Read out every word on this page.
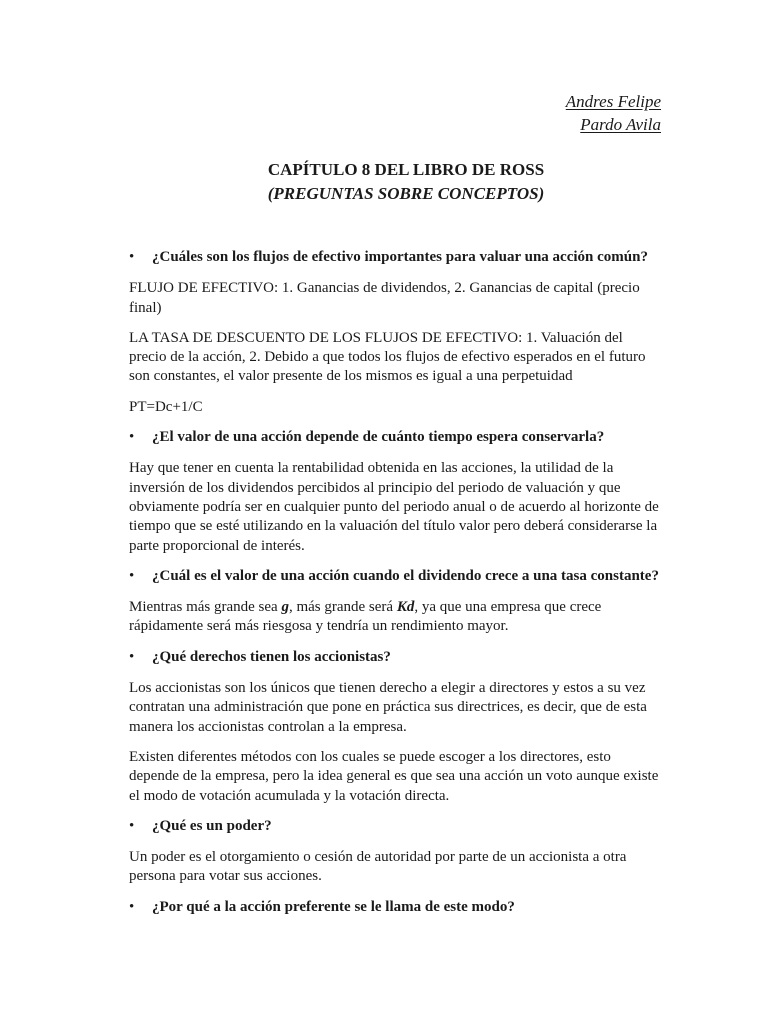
Andres Felipe
Pardo Avila
CAPÍTULO 8 DEL LIBRO DE ROSS
(PREGUNTAS SOBRE CONCEPTOS)
• ¿Cuáles son los flujos de efectivo importantes para valuar una acción común?
FLUJO DE EFECTIVO: 1. Ganancias de dividendos, 2. Ganancias de capital (precio final)
LA TASA DE DESCUENTO DE LOS FLUJOS DE EFECTIVO: 1. Valuación del precio de la acción, 2. Debido a que todos los flujos de efectivo esperados en el futuro son constantes, el valor presente de los mismos es igual a una perpetuidad
PT=Dc+1/C
• ¿El valor de una acción depende de cuánto tiempo espera conservarla?
Hay que tener en cuenta la rentabilidad obtenida en las acciones, la utilidad de la inversión de los dividendos percibidos al principio del periodo de valuación y que obviamente podría ser en cualquier punto del periodo anual o de acuerdo al horizonte de tiempo que se esté utilizando en la valuación del título valor pero deberá considerarse la parte proporcional de interés.
• ¿Cuál es el valor de una acción cuando el dividendo crece a una tasa constante?
Mientras más grande sea g, más grande será Kd, ya que una empresa que crece rápidamente será más riesgosa y tendría un rendimiento mayor.
• ¿Qué derechos tienen los accionistas?
Los accionistas son los únicos que tienen derecho a elegir a directores y estos a su vez contratan una administración que pone en práctica sus directrices, es decir, que de esta manera los accionistas controlan a la empresa.
Existen diferentes métodos con los cuales se puede escoger a los directores, esto depende de la empresa, pero la idea general es que sea una acción un voto aunque existe el modo de votación acumulada y la votación directa.
• ¿Qué es un poder?
Un poder es el otorgamiento o cesión de autoridad por parte de un accionista a otra persona para votar sus acciones.
• ¿Por qué a la acción preferente se le llama de este modo?
